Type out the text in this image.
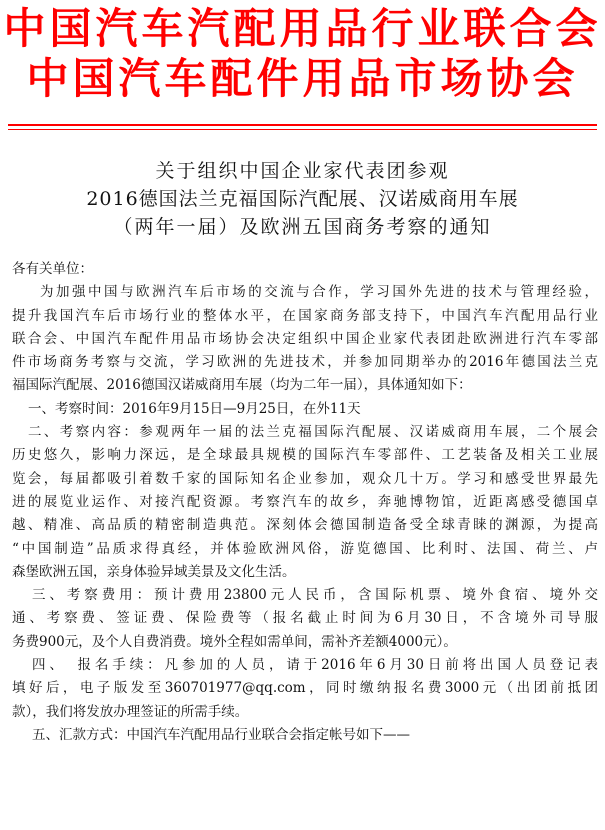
中国汽车汽配用品行业联合会
中国汽车配件用品市场协会
关于组织中国企业家代表团参观
2016德国法兰克福国际汽配展、汉诺威商用车展
（两年一届）及欧洲五国商务考察的通知
各有关单位：
为加强中国与欧洲汽车后市场的交流与合作，学习国外先进的技术与管理经验，
提升我国汽车后市场行业的整体水平，在国家商务部支持下，中国汽车汽配用品行业
联合会、中国汽车配件用品市场协会决定组织中国企业家代表团赴欧洲进行汽车零部
件市场商务考察与交流，学习欧洲的先进技术，并参加同期举办的2016年德国法兰克
福国际汽配展、2016德国汉诺威商用车展（均为二年一届），具体通知如下：
一、考察时间：2016年9月15日—9月25日，在外11天
二、考察内容：参观两年一届的法兰克福国际汽配展、汉诺威商用车展，二个展会
历史悠久，影响力深远，是全球最具规模的国际汽车零部件、工艺装备及相关工业展
览会，每届都吸引着数千家的国际知名企业参加，观众几十万。学习和感受世界最先
进的展览业运作、对接汽配资源。考察汽车的故乡，奔驰博物馆，近距离感受德国卓
越、精准、高品质的精密制造典范。深刻体会德国制造备受全球青睐的渊源，为提高
“中国制造”品质求得真经，并体验欧洲风俗，游览德国、比利时、法国、荷兰、卢
森堡欧洲五国，亲身体验异域美景及文化生活。
三、考察费用：预计费用23800元人民币，含国际机票、境外食宿、境外交
通、考察费、签证费、保险费等（报名截止时间为6月30日，不含境外司导服
务费900元，及个人自费消费。境外全程如需单间，需补齐差额4000元）。
四、　报名手续：凡参加的人员，请于2016年6月30日前将出国人员登记表
填好后，电子版发至360701977@qq.com，同时缴纳报名费3000元（出团前抵团
款），我们将发放办理签证的所需手续。
五、汇款方式：中国汽车汽配用品行业联合会指定帐号如下——
